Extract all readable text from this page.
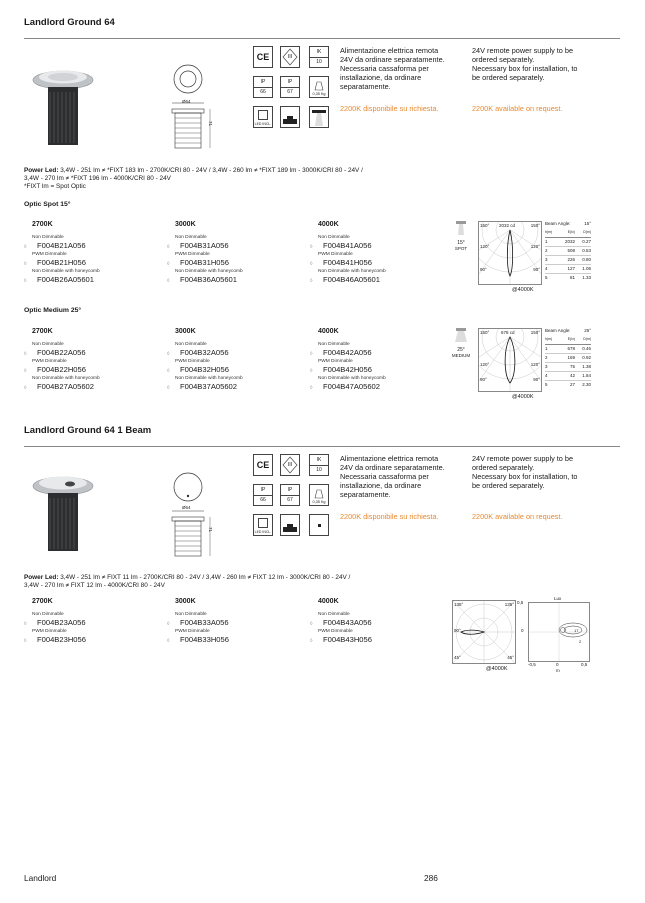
Landlord Ground 64
Ø64
71
CE	III
IK
10
IP
66
IP
67	0,35 Kg
LED INCL.
Alimentazione elettrica remota
24V da ordinare separatamente.
Necessaria cassaforma per
installazione, da ordinare
separatamente.
24V remote power supply to be
ordered separately.
Necessary box for installation, to
be ordered separately.
2200K disponibile su richiesta.	2200K available on request.
Power Led: 3,4W - 251 lm ≠ *FIXT 183 lm - 2700K/CRI 80 - 24V / 3,4W - 260 lm ≠ *FIXT 189 lm - 3000K/CRI 80 - 24V /
3,4W - 270 lm ≠ *FIXT 196 lm - 4000K/CRI 80 - 24V
*FIXT lm = Spot Optic
Optic Spot 15°
2700K
Non Dimmable
◊ F004B21A056
PWM Dimmable
◊ F004B21H056
Non Dimmable with honeycomb
◊ F004B26A05601
3000K
Non Dimmable
◊ F004B31A056
PWM Dimmable
◊ F004B31H056
Non Dimmable with honeycomb
◊ F004B36A05601
4000K
Non Dimmable
◊ F004B41A056
PWM Dimmable
◊ F004B41H056
Non Dimmable with honeycomb
◊ F004B46A05601
15°
SPOT
150° 2032 cd	150°
120°	120°
90°	90°
@4000K
Beam Angle:	15°
h(m)	E(lx)	D(m)
1	2032	0.27
2	508	0.53
3	226	0.80
4	127	1.06
5	81	1.33
Optic Medium 25°
2700K
Non Dimmable
◊ F004B22A056
PWM Dimmable
◊ F004B22H056
Non Dimmable with honeycomb
◊ F004B27A05602
3000K
Non Dimmable
◊ F004B32A056
PWM Dimmable
◊ F004B32H056
Non Dimmable with honeycomb
◊ F004B37A05602
4000K
Non Dimmable
◊ F004B42A056
PWM Dimmable
◊ F004B42H056
Non Dimmable with honeycomb
◊ F004B47A05602
25°
MEDIUM
150°	678 cd	150°
120°	120°
90°	90°
@4000K
Beam Angle:	25°
h(m)	E(lx)	D(m)
1	678	0.46
2	169	0.92
3	75	1.38
4	42	1.84
5	27	2.30
Landlord Ground 64 1 Beam
Ø64
71
CE	III
IK
10
IP
66
IP
67	0,35 Kg
LED INCL.
Alimentazione elettrica remota
24V da ordinare separatamente.
Necessaria cassaforma per
installazione, da ordinare
separatamente.
24V remote power supply to be
ordered separately.
Necessary box for installation, to
be ordered separately.
2200K disponibile su richiesta.	2200K available on request.
Power Led: 3,4W - 251 lm ≠ FIXT 11 lm - 2700K/CRI 80 - 24V / 3,4W - 260 lm ≠ FIXT 12 lm - 3000K/CRI 80 - 24V /
3,4W - 270 lm ≠ FIXT 12 lm - 4000K/CRI 80 - 24V
2700K
Non Dimmable
◊ F004B23A056
PWM Dimmable
◊ F004B23H056
3000K
Non Dimmable
◊ F004B33A056
PWM Dimmable
◊ F004B33H056
4000K
Non Dimmable
◊ F004B43A056
PWM Dimmable
◊ F004B43H056
135°	135°
90°
45°	45°
@4000K
Lux
17
2
0,5
0
-0,5	0
m
0,5
Landlord	286
